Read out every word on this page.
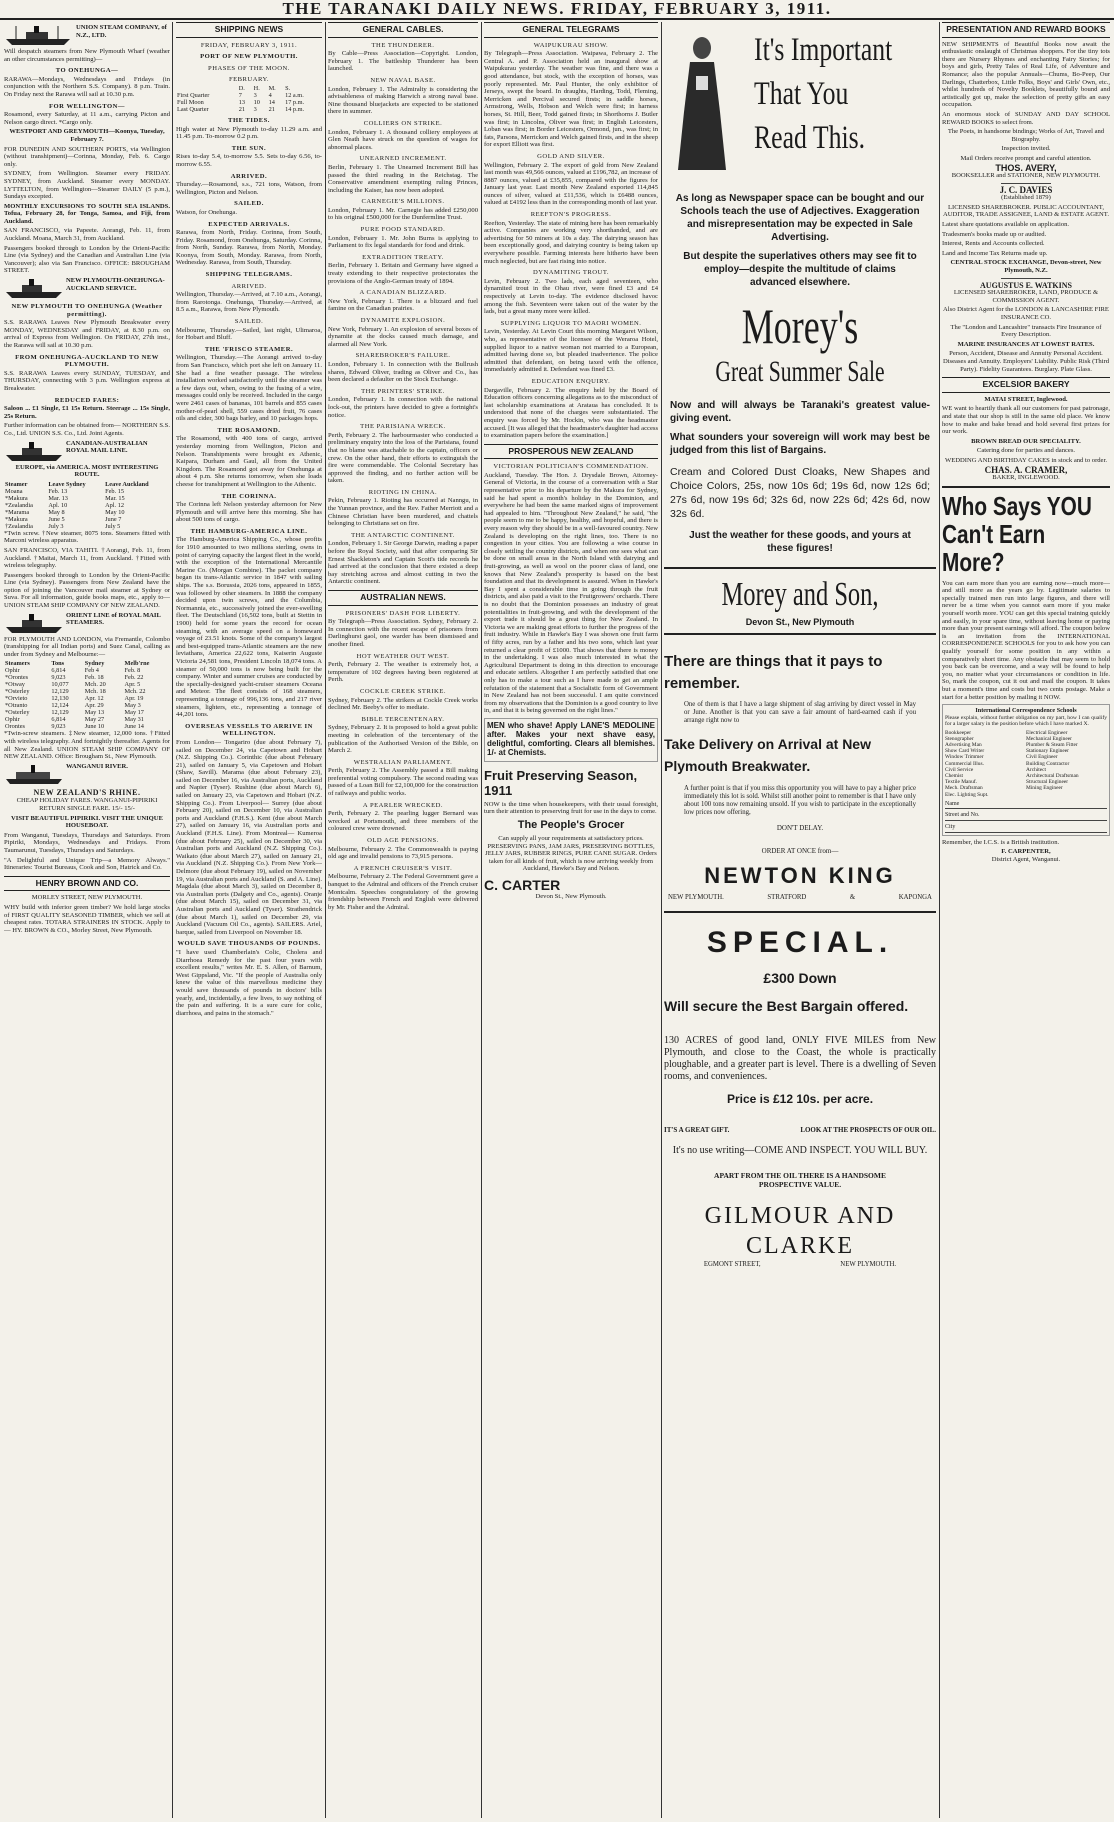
THE TARANAKI DAILY NEWS. FRIDAY, FEBRUARY 3, 1911.
UNION STEAM COMPANY, of N.Z., LTD.

Will despatch steamers from New Plymouth Wharf (weather an other circumstances permitting)—

TO ONEHUNGA—

RARAWA—Mondays, Wednesdays and Fridays (in conjunction with the Northern S.S. Company). 8 p.m. Train. On Friday next the Rarawa will sail at 10.30 p.m.

FOR WELLINGTON—

Rosamond, every Saturday, at 11 a.m., carrying Picton and Nelson cargo direct. *Cargo only.

WESTPORT AND GREYMOUTH—Koonya, Tuesday, February 7.

FOR DUNEDIN AND SOUTHERN PORTS, via Wellington (without transhipment)—Corinna, Monday, Feb. 6. Cargo only.

SYDNEY, from Wellington. Steamer every FRIDAY. SYDNEY, from Auckland. Steamer every MONDAY. LYTTELTON, from Wellington—Steamer DAILY (5 p.m.), Sundays excepted.

MONTHLY EXCURSIONS TO SOUTH SEA ISLANDS. Tofua, February 28, for Tonga, Samoa, and Fiji, from Auckland.

SAN FRANCISCO, via Papeete. Aorangi, Feb. 11, from Auckland. Moana, March 31, from Auckland.

Passengers booked through to London by the Orient-Pacific Line (via Sydney) and the Canadian and Australian Line (via Vancouver); also via San Francisco. OFFICE: BROUGHAM STREET.

NEW PLYMOUTH-ONEHUNGA-AUCKLAND SERVICE.
NEW PLYMOUTH TO ONEHUNGA (Weather permitting).

S.S. RARAWA Leaves New Plymouth Breakwater every MONDAY, WEDNESDAY and FRIDAY, at 8.30 p.m. on arrival of Express from Wellington. On FRIDAY, 27th inst., the Rarawa will sail at 10.30 p.m.

FROM ONEHUNGA-AUCKLAND TO NEW PLYMOUTH.

S.S. RARAWA Leaves every SUNDAY, TUESDAY, and THURSDAY, connecting with 3 p.m. Wellington express at Breakwater.

REDUCED FARES:

Saloon ... £1 Single, £1 15s Return. Steerage ... 15s Single, 25s Return.

Further information can be obtained from— NORTHERN S.S. Co., Ltd. UNION S.S. Co., Ltd. Joint Agents.

CANADIAN-AUSTRALIAN ROYAL MAIL LINE.

EUROPE, via AMERICA. MOST INTERESTING ROUTE.

Steamer	Leave Sydney	Leave Auckland
Moana	Feb. 13	Feb. 15
*Makura	Mar. 13	Mar. 15
*Zealandia	Apl. 10	Apl. 12
*Marama	May 8	May 10
*Makura	June 5	June 7
†Zealandia	July 3	July 5

*Twin screw. †New steamer, 8075 tons. Steamers fitted with Marconi wireless apparatus.

SAN FRANCISCO, VIA TAHITI. †Aorangi, Feb. 11, from Auckland. †Maitai, March 11, from Auckland. †Fitted with wireless telegraphy.

Passengers booked through to London by the Orient-Pacific Line (via Sydney). Passengers from New Zealand have the option of joining the Vancouver mail steamer at Sydney or Suva. For all information, guide books maps, etc., apply to— UNION STEAM SHIP COMPANY OF NEW ZEALAND.

ORIENT LINE of ROYAL MAIL STEAMERS.

FOR PLYMOUTH AND LONDON, via Fremantle, Colombo (transhipping for all Indian ports) and Suez Canal, calling as under from Sydney and Melbourne:—

Steamers	Tons	Sydney	Melb'rne
Ophir	6,814	Feb 4	Feb. 8
*Orontes	9,023	Feb. 18	Feb. 22
*Otway	10,077	Mch. 20	Apr. 5
*Osterley	12,129	Mch. 18	Mch. 22
*Orvieto	12,130	Apr. 12	Apr. 19
*Otranto	12,124	Apr. 29	May 3
*Osterley	12,129	May 13	May 17
Ophir	6,814	May 27	May 31
Orontes	9,023	June 10	June 14

*Twin-screw steamers. ‡New steamer, 12,000 tons. †Fitted with wireless telegraphy. And fortnightly thereafter. Agents for all New Zealand. UNION STEAM SHIP COMPANY OF NEW ZEALAND. Office: Brougham St., New Plymouth.

WANGANUI RIVER.
NEW ZEALAND'S RHINE.

CHEAP HOLIDAY FARES. WANGANUI-PIPIRIKI RETURN SINGLE FARE. 15/- 15/-

VISIT BEAUTIFUL PIPIRIKI. VISIT THE UNIQUE HOUSEBOAT.

From Wanganui, Tuesdays, Thursdays and Saturdays. From Pipiriki, Mondays, Wednesdays and Fridays. From Taumarunui, Tuesdays, Thursdays and Saturdays.

"A Delightful and Unique Trip—a Memory Always." Itineraries: Tourist Bureaus, Cook and Son, Hatrick and Co.

HENRY BROWN AND CO.

MORLEY STREET, NEW PLYMOUTH.

WHY build with inferior green timber? We hold large stocks of FIRST QUALITY SEASONED TIMBER, which we sell at cheapest rates. TOTARA STRAINERS IN STOCK. Apply to— HY. BROWN & CO., Morley Street, New Plymouth.

SHIPPING NEWS
FRIDAY, FEBRUARY 3, 1911.
PORT OF NEW PLYMOUTH.
PHASES OF THE MOON.
FEBRUARY.
	D.	H.	M.	S.
First Quarter	7	3	4	12 a.m.
Full Moon	13	10	14	17 p.m.
Last Quarter	21	3	21	14 p.m.
THE TIDES.

High water at New Plymouth to-day 11.29 a.m. and 11.45 p.m. To-morrow 0.2 p.m.

THE SUN.

Rises to-day 5.4, to-morrow 5.5. Sets to-day 6.56, to-morrow 6.55.

ARRIVED.

Thursday.—Rosamond, s.s., 721 tons, Watson, from Wellington, Picton and Nelson.

SAILED.

Watson, for Onehunga.

EXPECTED ARRIVALS.

Rarawa, from North, Friday. Corinna, from South, Friday. Rosamond, from Onehunga, Saturday. Corinna, from North, Sunday. Rarawa, from North, Monday. Koonya, from South, Monday. Rarawa, from North, Wednesday. Rarawa, from South, Thursday.

SHIPPING TELEGRAMS.
ARRIVED.

Wellington, Thursday.—Arrived, at 7.10 a.m., Aorangi, from Rarotonga. Onehunga, Thursday.—Arrived, at 8.5 a.m., Rarawa, from New Plymouth.

SAILED.

Melbourne, Thursday.—Sailed, last night, Ulimaroa, for Hobart and Bluff.

THE 'FRISCO STEAMER.

Wellington, Thursday.—The Aorangi arrived to-day from San Francisco, which port she left on January 11. She had a fine weather passage. The wireless installation worked satisfactorily until the steamer was a few days out, when, owing to the fusing of a wire, messages could only be received. Included in the cargo were 2461 cases of bananas, 101 barrels and 855 cases mother-of-pearl shell, 559 cases dried fruit, 76 cases oils and cider, 300 bags barley, and 10 packages hops.

THE ROSAMOND.

The Rosamond, with 400 tons of cargo, arrived yesterday morning from Wellington, Picton and Nelson. Transhipments were brought ex Athenic, Kaipara, Durham and Gaul, all from the United Kingdom. The Rosamond got away for Onehunga at about 4 p.m. She returns tomorrow, when she loads cheese for transhipment at Wellington to the Athenic.

THE CORINNA.

The Corinna left Nelson yesterday afternoon for New Plymouth and will arrive here this morning. She has about 500 tons of cargo.

THE HAMBURG-AMERICA LINE.

The Hamburg-America Shipping Co., whose profits for 1910 amounted to two millions sterling, owns in point of carrying capacity the largest fleet in the world, with the exception of the International Mercantile Marine Co. (Morgan Combine). The packet company began its trans-Atlantic service in 1847 with sailing ships. The s.s. Borussia, 2026 tons, appeared in 1855, was followed by other steamers. In 1888 the company decided upon twin screws, and the Columbia, Normannia, etc., successively joined the ever-swelling fleet. The Deutschland (16,502 tons, built at Stettin in 1900) held for some years the record for ocean steaming, with an average speed on a homeward voyage of 23.51 knots. Some of the company's largest and best-equipped trans-Atlantic steamers are the new leviathans, America 22,622 tons, Kaiserin Auguste Victoria 24,581 tons, President Lincoln 18,074 tons. A steamer of 50,000 tons is now being built for the company. Winter and summer cruises are conducted by the specially-designed yacht-cruiser steamers Oceana and Meteor. The fleet consists of 168 steamers, representing a tonnage of 996,136 tons, and 217 river steamers, lighters, etc., representing a tonnage of 44,201 tons.

OVERSEAS VESSELS TO ARRIVE IN WELLINGTON.

From London— Tongariro (due about February 7), sailed on December 24, via Capetown and Hobart (N.Z. Shipping Co.). Corinthic (due about February 21), sailed on January 5, via Capetown and Hobart (Shaw, Savill). Marama (due about February 23), sailed on December 16, via Australian ports, Auckland and Napier (Tyser). Rushine (due about March 6), sailed on January 23, via Capetown and Hobart (N.Z. Shipping Co.). From Liverpool— Surrey (due about February 20), sailed on December 10, via Australian ports and Auckland (F.H.S.). Kent (due about March 27), sailed on January 16, via Australian ports and Auckland (F.H.S. Line). From Montreal— Kumeroa (due about February 25), sailed on December 30, via Australian ports and Auckland (N.Z. Shipping Co.). Waikato (due about March 27), sailed on January 21, via Auckland (N.Z. Shipping Co.). From New York— Delmore (due about February 19), sailed on November 19, via Australian ports and Auckland (S. and A. Line). Magdala (due about March 3), sailed on December 8, via Australian ports (Dalgety and Co., agents). Oranje (due about March 15), sailed on December 31, via Australian ports and Auckland (Tyser). Strathendrick (due about March 1), sailed on December 29, via Auckland (Vacuum Oil Co., agents). SAILERS. Ariel, barque, sailed from Liverpool on November 18.

WOULD SAVE THOUSANDS OF POUNDS.

"I have used Chamberlain's Colic, Cholera and Diarrhoea Remedy for the past four years with excellent results," writes Mr. E. S. Allen, of Barnum, West Gippsland, Vic. "If the people of Australia only knew the value of this marvellous medicine they would save thousands of pounds in doctors' bills yearly, and, incidentally, a few lives, to say nothing of the pain and suffering. It is a sure cure for colic, diarrhoea, and pains in the stomach."

GENERAL CABLES.
THE THUNDERER.

By Cable—Press Association—Copyright. London, February 1. The battleship Thunderer has been launched.

NEW NAVAL BASE.

London, February 1. The Admiralty is considering the advisableness of making Harwich a strong naval base. Nine thousand bluejackets are expected to be stationed there in summer.

COLLIERS ON STRIKE.

London, February 1. A thousand colliery employees at Glen Neath have struck on the question of wages for abnormal places.

UNEARNED INCREMENT.

Berlin, February 1. The Unearned Increment Bill has passed the third reading in the Reichstag. The Conservative amendment exempting ruling Princes, including the Kaiser, has now been adopted.

CARNEGIE'S MILLIONS.

London, February 1. Mr. Carnegie has added £250,000 to his original £500,000 for the Dunfermline Trust.

PURE FOOD STANDARD.

London, February 1. Mr. John Burns is applying to Parliament to fix legal standards for food and drink.

EXTRADITION TREATY.

Berlin, February 1. Britain and Germany have signed a treaty extending to their respective protectorates the provisions of the Anglo-German treaty of 1894.

A CANADIAN BLIZZARD.

New York, February 1. There is a blizzard and fuel famine on the Canadian prairies.

DYNAMITE EXPLOSION.

New York, February 1. An explosion of several boxes of dynamite at the docks caused much damage, and alarmed all New York.

SHAREBROKER'S FAILURE.

London, February 1. In connection with the Bullrush shares, Edward Oliver, trading as Oliver and Co., has been declared a defaulter on the Stock Exchange.

THE PRINTERS' STRIKE.

London, February 1. In connection with the national lock-out, the printers have decided to give a fortnight's notice.

THE PARISIANA WRECK.

Perth, February 2. The harbourmaster who conducted a preliminary enquiry into the loss of the Parisiana, found that no blame was attachable to the captain, officers or crew. On the other hand, their efforts to extinguish the fire were commendable. The Colonial Secretary has approved the finding, and no further action will be taken.

RIOTING IN CHINA.

Pekin, February 1. Rioting has occurred at Nanngu, in the Yunnan province, and the Rev. Father Merriott and a Chinese Christian have been murdered, and chattels belonging to Christians set on fire.

THE ANTARCTIC CONTINENT.

London, February 1. Sir George Darwin, reading a paper before the Royal Society, said that after comparing Sir Ernest Shackleton's and Captain Scott's tide records he had arrived at the conclusion that there existed a deep bay stretching across and almost cutting in two the Antarctic continent.

AUSTRALIAN NEWS.
PRISONERS' DASH FOR LIBERTY.

By Telegraph—Press Association. Sydney, February 2. In connection with the recent escape of prisoners from Darlinghurst gaol, one warder has been dismissed and another fined.

HOT WEATHER OUT WEST.

Perth, February 2. The weather is extremely hot, a temperature of 102 degrees having been registered at Perth.

COCKLE CREEK STRIKE.

Sydney, February 2. The strikers at Cockle Creek works declined Mr. Beeby's offer to mediate.

BIBLE TERCENTENARY.

Sydney, February 2. It is proposed to hold a great public meeting in celebration of the tercentenary of the publication of the Authorised Version of the Bible, on March 2.

WESTRALIAN PARLIAMENT.

Perth, February 2. The Assembly passed a Bill making preferential voting compulsory. The second reading was passed of a Loan Bill for £2,100,000 for the construction of railways and public works.

A PEARLER WRECKED.

Perth, February 2. The pearling lugger Bernard was wrecked at Portsmouth, and three members of the coloured crew were drowned.

OLD AGE PENSIONS.

Melbourne, February 2. The Commonwealth is paying old age and invalid pensions to 73,915 persons.

A FRENCH CRUISER'S VISIT.

Melbourne, February 2. The Federal Government gave a banquet to the Admiral and officers of the French cruiser Montcalm. Speeches congratulatory of the growing friendship between French and English were delivered by Mr. Fisher and the Admiral.

GENERAL TELEGRAMS
WAIPUKURAU SHOW.

By Telegraph—Press Association. Waipawa, February 2. The Central A. and P. Association held an inaugural show at Waipukurau yesterday. The weather was fine, and there was a good attendance, but stock, with the exception of horses, was poorly represented. Mr. Paul Hunter, the only exhibitor of Jerseys, swept the board. In draughts, Harding, Todd, Fleming, Merricken and Percival secured firsts; in saddle horses, Armstrong, Wells, Hobson and Welch were first; in harness horses, St. Hill, Beer, Todd gained firsts; in Shorthorns J. Butler was first; in Lincolns, Oliver was first; in English Leicesters, Loban was first; in Border Leicesters, Ormond, jun., was first; in fats, Parsons, Merricken and Welch gained firsts, and in the sheep for export Elliott was first.

GOLD AND SILVER.

Wellington, February 2. The export of gold from New Zealand last month was 49,566 ounces, valued at £196,782, an increase of 8887 ounces, valued at £35,855, compared with the figures for January last year. Last month New Zealand exported 114,845 ounces of silver, valued at £11,536, which is £6488 ounces, valued at £4192 less than in the corresponding month of last year.

REEFTON'S PROGRESS.

Reefton, Yesterday. The state of mining here has been remarkably active. Companies are working very shorthanded, and are advertising for 50 miners at 10s a day. The dairying season has been exceptionally good, and dairying country is being taken up everywhere possible. Farming interests here hitherto have been much neglected, but are fast rising into notice.

DYNAMITING TROUT.

Levin, February 2. Two lads, each aged seventeen, who dynamited trout in the Ohau river, were fined £3 and £4 respectively at Levin to-day. The evidence disclosed havoc among the fish. Seventeen were taken out of the water by the lads, but a great many more were killed.

SUPPLYING LIQUOR TO MAORI WOMEN.

Levin, Yesterday. At Levin Court this morning Margaret Wilson, who, as representative of the licensee of the Weraroa Hotel, supplied liquor to a native woman not married to a European, admitted having done so, but pleaded inadvertence. The police admitted that defendant, on being taxed with the offence, immediately admitted it. Defendant was fined £3.

EDUCATION ENQUIRY.

Dargaville, February 2. The enquiry held by the Board of Education officers concerning allegations as to the misconduct of last scholarship examinations at Arataua has concluded. It is understood that none of the charges were substantiated. The enquiry was forced by Mr. Hockin, who was the headmaster accused. [It was alleged that the headmaster's daughter had access to examination papers before the examination.]

PROSPEROUS NEW ZEALAND
VICTORIAN POLITICIAN'S COMMENDATION.

Auckland, Tuesday. The Hon. J. Drysdale Brown, Attorney-General of Victoria, in the course of a conversation with a Star representative prior to his departure by the Makura for Sydney, said he had spent a month's holiday in the Dominion, and everywhere he had been the same marked signs of improvement had appealed to him. "Throughout New Zealand," he said, "the people seem to me to be happy, healthy, and hopeful, and there is every reason why they should be in a well-favoured country. New Zealand is developing on the right lines, too. There is no congestion in your cities. You are following a wise course in closely settling the country districts, and when one sees what can be done on small areas in the North Island with dairying and fruit-growing, as well as wool on the poorer class of land, one knows that New Zealand's prosperity is based on the best foundation and that its development is assured. When in Hawke's Bay I spent a considerable time in going through the fruit districts, and also paid a visit to the Fruitgrowers' orchards. There is no doubt that the Dominion possesses an industry of great potentialities in fruit-growing, and with the development of the export trade it should be a great thing for New Zealand. In Victoria we are making great efforts to further the progress of the fruit industry. While in Hawke's Bay I was shown one fruit farm of fifty acres, run by a father and his two sons, which last year returned a clear profit of £1000. That shows that there is money in the undertaking. I was also much interested in what the Agricultural Department is doing in this direction to encourage and educate settlers. Altogether I am perfectly satisfied that one only has to make a tour such as I have made to get an ample refutation of the statement that a Socialistic form of Government in New Zealand has not been successful. I am quite convinced from my observations that the Dominion is a good country to live in, and that it is being governed on the right lines."

MEN who shave! Apply LANE'S MEDOLINE after. Makes your next shave easy, delightful, comforting. Clears all blemishes. 1/- at Chemists.

Fruit Preserving Season, 1911

NOW is the time when housekeepers, with their usual foresight, turn their attention to preserving fruit for use in the days to come.

The People's Grocer

Can supply all your requirements at satisfactory prices. PRESERVING PANS, JAM JARS, PRESERVING BOTTLES, JELLY JARS, RUBBER RINGS, PURE CANE SUGAR. Orders taken for all kinds of fruit, which is now arriving weekly from Auckland, Hawke's Bay and Nelson.

C. CARTER

Devon St., New Plymouth.

It's Important That You Read This.

As long as Newspaper space can be bought and our Schools teach the use of Adjectives. Exaggeration and misrepresentation may be expected in Sale Advertising.

But despite the superlatives others may see fit to employ—despite the multitude of claims advanced elsewhere.

Morey's
Great Summer Sale

Now and will always be Taranaki's greatest value-giving event.

What sounders your sovereign will work may best be judged from this list of Bargains.

Cream and Colored Dust Cloaks, New Shapes and Choice Colors, 25s, now 10s 6d; 19s 6d, now 12s 6d; 27s 6d, now 19s 6d; 32s 6d, now 22s 6d; 42s 6d, now 32s 6d.

Just the weather for these goods, and yours at these figures!

Morey and Son,
Devon St., New Plymouth
There are things that it pays to remember.

One of them is that I have a large shipment of slag arriving by direct vessel in May or June. Another is that you can save a fair amount of hard-earned cash if you arrange right now to

Take Delivery on Arrival at New Plymouth Breakwater.

A further point is that if you miss this opportunity you will have to pay a higher price immediately this lot is sold. Whilst still another point to remember is that I have only about 100 tons now remaining unsold. If you wish to participate in the exceptionally low prices now offering,

DON'T DELAY.
ORDER AT ONCE from—
NEWTON KING
NEW PLYMOUTH.	STRATFORD	&	KAPONGA
SPECIAL.
£300 Down
Will secure the Best Bargain offered.

130 ACRES of good land, ONLY FIVE MILES from New Plymouth, and close to the Coast, the whole is practically ploughable, and a greater part is level. There is a dwelling of Seven rooms, and conveniences.

Price is £12 10s. per acre.
IT'S A GREAT GIFT.	LOOK AT THE PROSPECTS OF OUR OIL.
It's no use writing—COME AND INSPECT. YOU WILL BUY.
APART FROM THE OIL THERE IS A HANDSOME PROSPECTIVE VALUE.
GILMOUR AND CLARKE
EGMONT STREET,	NEW PLYMOUTH.
PRESENTATION AND REWARD BOOKS

NEW SHIPMENTS of Beautiful Books now await the enthusiastic onslaught of Christmas shoppers. For the tiny tots there are Nursery Rhymes and enchanting Fairy Stories; for boys and girls, Pretty Tales of Real Life, of Adventure and Romance; also the popular Annuals—Chums, Bo-Peep, Our Darlings, Chatterbox, Little Folks, Boys' and Girls' Own, etc., whilst hundreds of Novelty Booklets, beautifully bound and artistically got up, make the selection of pretty gifts an easy occupation.

An enormous stock of SUNDAY AND DAY SCHOOL REWARD BOOKS to select from.

The Poets, in handsome bindings; Works of Art, Travel and Biography.

Inspection invited.

Mail Orders receive prompt and careful attention.

THOS. AVERY,

BOOKSELLER and STATIONER, NEW PLYMOUTH.

J. C. DAVIES

(Established 1879)

LICENSED SHAREBROKER. PUBLIC ACCOUNTANT, AUDITOR, TRADE ASSIGNEE, LAND & ESTATE AGENT.

Latest share quotations available on application.

Tradesmen's books made up or audited.

Interest, Rents and Accounts collected.

Land and Income Tax Returns made up.

CENTRAL STOCK EXCHANGE, Devon-street, New Plymouth, N.Z.

AUGUSTUS E. WATKINS

LICENSED SHAREBROKER, LAND, PRODUCE & COMMISSION AGENT.

Also District Agent for the LONDON & LANCASHIRE FIRE INSURANCE CO.

The "London and Lancashire" transacts Fire Insurance of Every Description.

MARINE INSURANCES AT LOWEST RATES.

Person, Accident, Disease and Annuity Personal Accident. Diseases and Annuity. Employers' Liability. Public Risk (Third Party). Fidelity Guarantees. Burglary. Plate Glass.

EXCELSIOR BAKERY

MATAI STREET, Inglewood.

WE want to heartily thank all our customers for past patronage, and state that our shop is still in the same old place. We know how to make and bake bread and hold several first prizes for our work.

BROWN BREAD OUR SPECIALITY.

Catering done for parties and dances.

WEDDING AND BIRTHDAY CAKES in stock and to order.

CHAS. A. CRAMER,

BAKER, INGLEWOOD.

Who Says YOU Can't Earn More?

You can earn more than you are earning now—much more—and still more as the years go by. Legitimate salaries to specially trained men run into large figures, and there will never be a time when you cannot earn more if you make yourself worth more. YOU can get this special training quickly and easily, in your spare time, without leaving home or paying more than your present earnings will afford. The coupon below is an invitation from the INTERNATIONAL CORRESPONDENCE SCHOOLS for you to ask how you can qualify yourself for some position in any within a comparatively short time. Any obstacle that may seem to hold you back can be overcome, and a way will be found to help you, no matter what your circumstances or condition in life. So, mark the coupon, cut it out and mail the coupon. It takes but a moment's time and costs but two cents postage. Make a start for a better position by mailing it NOW.

International Correspondence Schools

Please explain, without further obligation on my part, how I can qualify for a larger salary in the position before which I have marked X.

Bookkeeper	Electrical Engineer
Stenographer	Mechanical Engineer
Advertising Man	Plumber & Steam Fitter
Show Card Writer	Stationary Engineer
Window Trimmer	Civil Engineer
Commercial Illus.	Building Contractor
Civil Service	Architect
Chemist	Architectural Draftsman
Textile Manuf.	Structural Engineer
Mech. Draftsman	Mining Engineer
Elec. Lighting Supt.
Name
Street and No.
City

Remember, the I.C.S. is a British institution.

F. CARPENTER,

District Agent, Wanganui.
